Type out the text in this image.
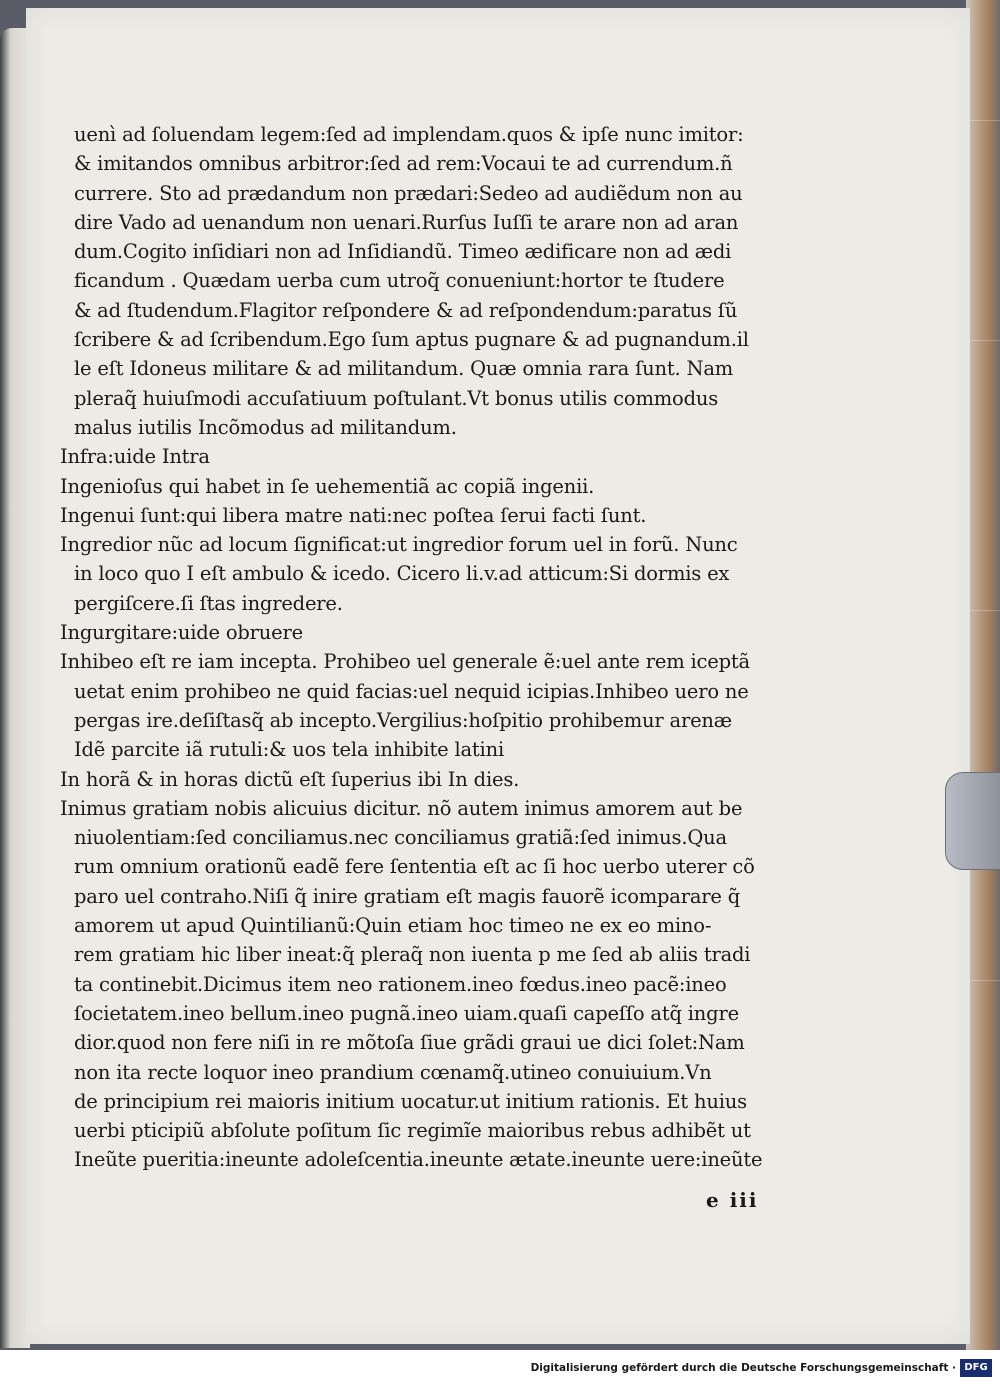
uenì ad ſoluendam legem:ſed ad implendam.quos & ipſe nunc imitor:
& imitandos omnibus arbitror:ſed ad rem:Vocaui te ad currendum.ñ
currere. Sto ad prædandum non prædari:Sedeo ad audiẽdum non au
dire Vado ad uenandum non uenari.Rurſus Iuſſi te arare non ad aran
dum.Cogito inſidiari non ad Inſidiandũ. Timeo ædificare non ad ædi
ficandum . Quædam uerba cum utroq̃ conueniunt:hortor te ſtudere
& ad ſtudendum.Flagitor reſpondere & ad reſpondendum:paratus ſũ
ſcribere & ad ſcribendum.Ego ſum aptus pugnare & ad pugnandum.il
le eſt Idoneus militare & ad militandum. Quæ omnia rara ſunt. Nam
pleraq̃ huiuſmodi accuſatiuum poſtulant.Vt bonus utilis commodus
malus iutilis Incõmodus ad militandum.
Infra:uide Intra
Ingenioſus qui habet in ſe uehementiã ac copiã ingenii.
Ingenui ſunt:qui libera matre nati:nec poſtea ſerui facti ſunt.
Ingredior nũc ad locum ſignificat:ut ingredior forum uel in forũ. Nunc
in loco quo I eſt ambulo & icedo. Cicero li.v.ad atticum:Si dormis ex
pergiſcere.ſi ſtas ingredere.
Ingurgitare:uide obruere
Inhibeo eſt re iam incepta. Prohibeo uel generale ẽ:uel ante rem iceptã
uetat enim prohibeo ne quid facias:uel nequid icipias.Inhibeo uero ne
pergas ire.deſiſtasq̃ ab incepto.Vergilius:hoſpitio prohibemur arenæ
Idẽ parcite iã rutuli:& uos tela inhibite latini
In horã & in horas dictũ eſt ſuperius ibi In dies.
Inimus gratiam nobis alicuius dicitur. nõ autem inimus amorem aut be
niuolentiam:ſed conciliamus.nec conciliamus gratiã:ſed inimus.Qua
rum omnium orationũ eadẽ fere ſententia eſt ac ſi hoc uerbo uterer cõ
paro uel contraho.Niſi q̃ inire gratiam eſt magis fauorẽ icomparare q̃
amorem ut apud Quintilianũ:Quin etiam hoc timeo ne ex eo mino-
rem gratiam hic liber ineat:q̃ pleraq̃ non iuenta p me ſed ab aliis tradi
ta continebit.Dicimus item neo rationem.ineo fœdus.ineo pacẽ:ineo
ſocietatem.ineo bellum.ineo pugnã.ineo uiam.quaſi capeſſo atq̃ ingre
dior.quod non fere niſi in re mõtoſa ſiue grãdi graui ue dici ſolet:Nam
non ita recte loquor ineo prandium cœnamq̃.utineo conuiuium.Vn
de principium rei maioris initium uocatur.ut initium rationis. Et huius
uerbi pticipiũ abſolute poſitum ſic regimĩe maioribus rebus adhibẽt ut
Ineũte pueritia:ineunte adoleſcentia.ineunte ætate.ineunte uere:ineũte
e iii
Digitalisierung gefördert durch die Deutsche Forschungsgemeinschaft · DFG
